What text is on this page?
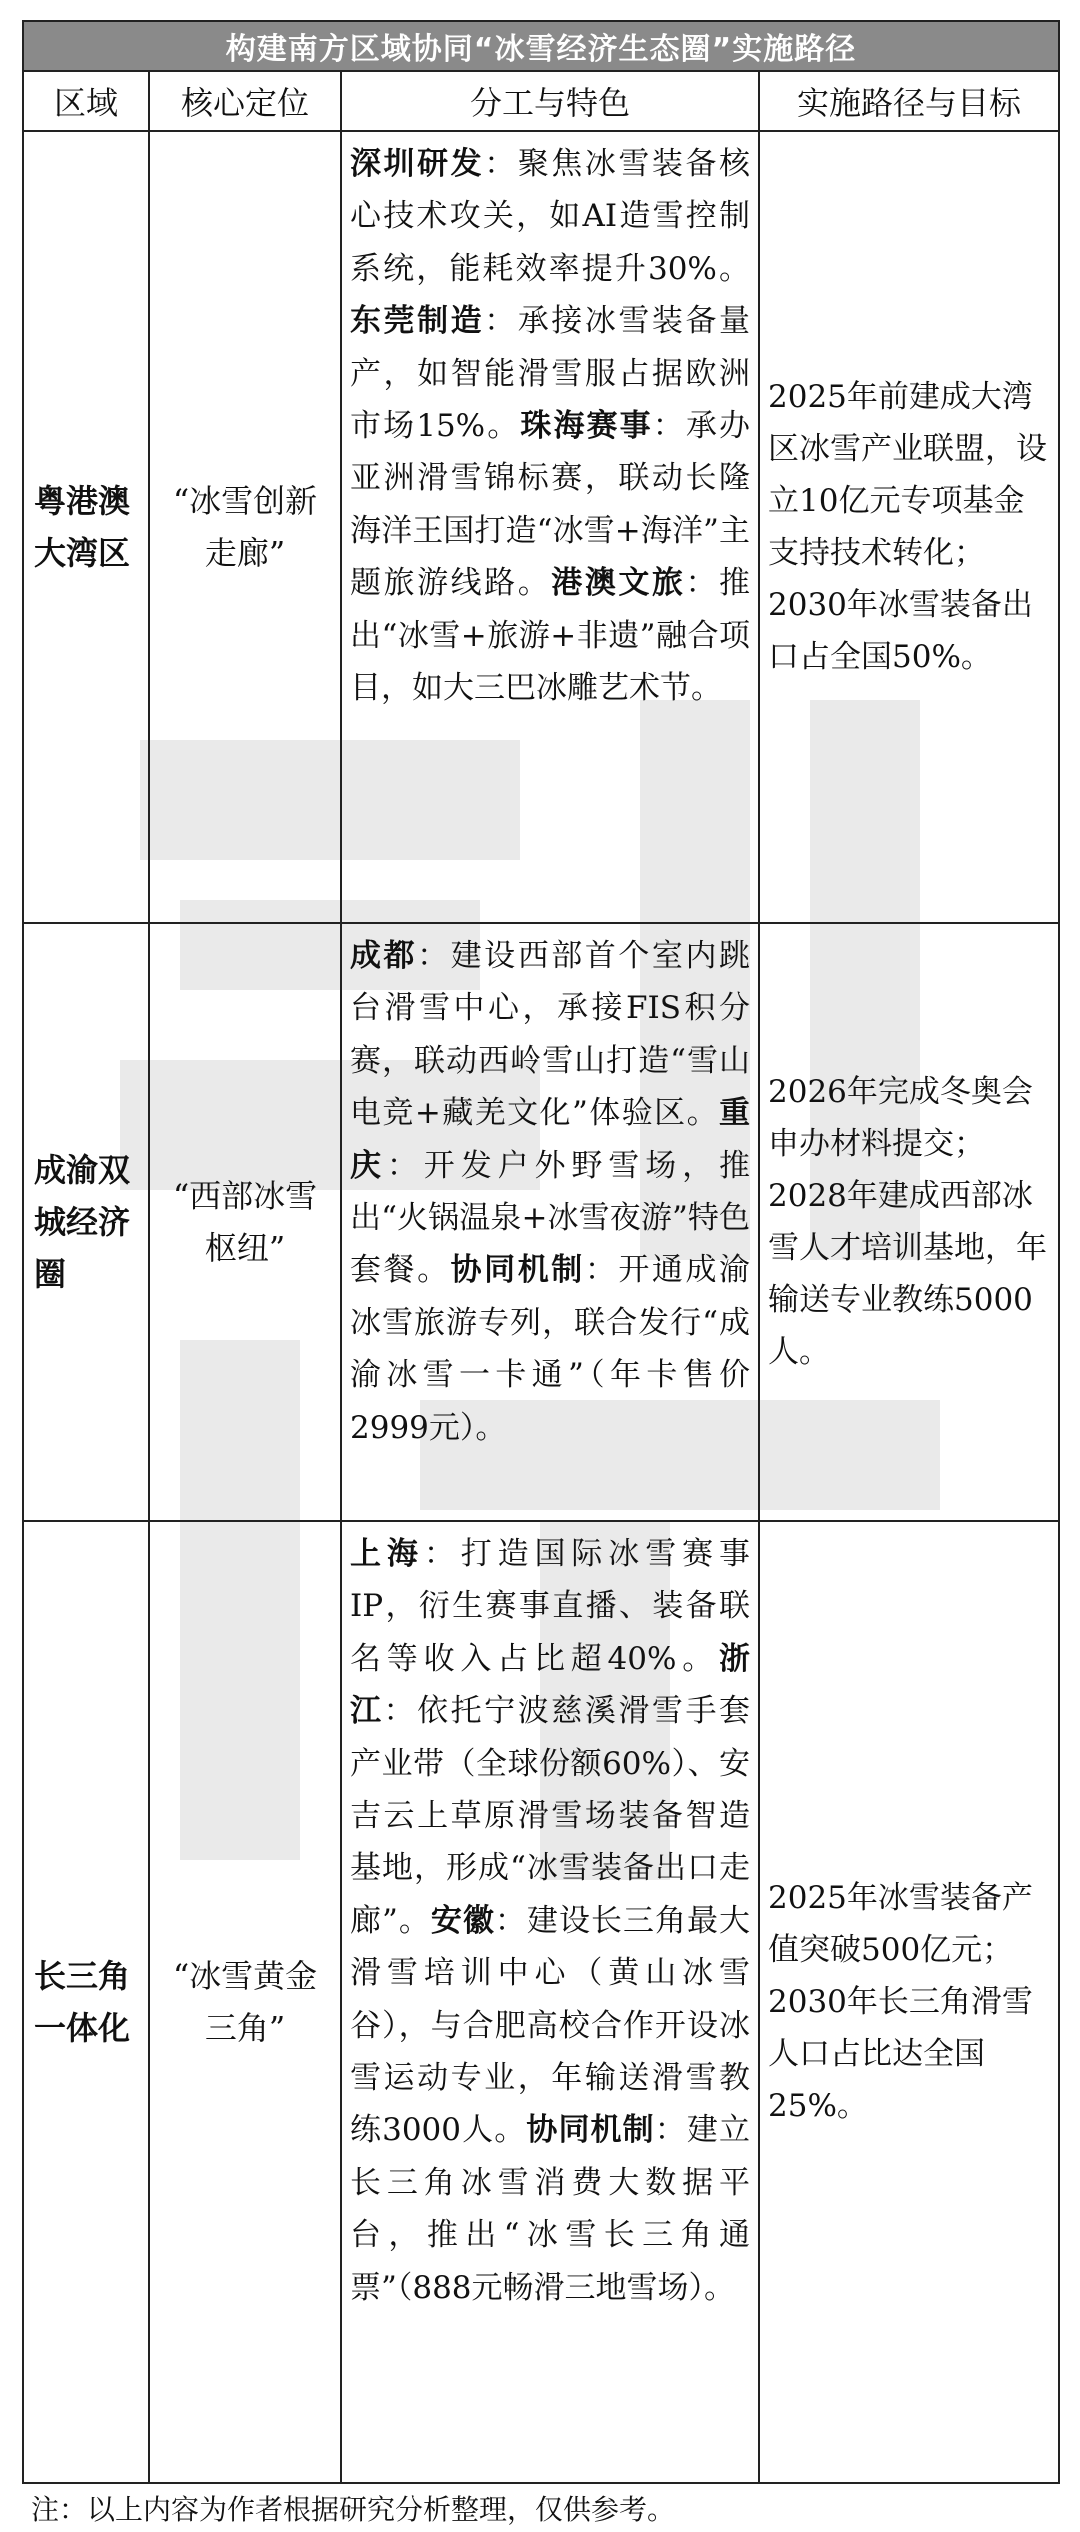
构建南方区域协同“冰雪经济生态圈”实施路径			
区域	核心定位	分工与特色	实施路径与目标
粤港澳大湾区	“冰雪创新走廊”	深圳研发：聚焦冰雪装备核心技术攻关，如AI造雪控制系统，能耗效率提升30%。东莞制造：承接冰雪装备量产，如智能滑雪服占据欧洲市场15%。珠海赛事：承办亚洲滑雪锦标赛，联动长隆海洋王国打造“冰雪+海洋”主题旅游线路。港澳文旅：推出“冰雪+旅游+非遗”融合项目，如大三巴冰雕艺术节。	2025年前建成大湾区冰雪产业联盟，设立10亿元专项基金支持技术转化；2030年冰雪装备出口占全国50%。
成渝双城经济圈	“西部冰雪枢纽”	成都：建设西部首个室内跳台滑雪中心，承接FIS积分赛，联动西岭雪山打造“雪山电竞+藏羌文化”体验区。重庆：开发户外野雪场，推出“火锅温泉+冰雪夜游”特色套餐。协同机制：开通成渝冰雪旅游专列，联合发行“成渝冰雪一卡通”（年卡售价2999元）。	2026年完成冬奥会申办材料提交；2028年建成西部冰雪人才培训基地，年输送专业教练5000人。
长三角一体化	“冰雪黄金三角”	上海：打造国际冰雪赛事IP，衍生赛事直播、装备联名等收入占比超40%。浙江：依托宁波慈溪滑雪手套产业带（全球份额60%）、安吉云上草原滑雪场装备智造基地，形成“冰雪装备出口走廊”。安徽：建设长三角最大滑雪培训中心（黄山冰雪谷），与合肥高校合作开设冰雪运动专业，年输送滑雪教练3000人。协同机制：建立长三角冰雪消费大数据平台，推出“冰雪长三角通票”（888元畅滑三地雪场）。	2025年冰雪装备产值突破500亿元；2030年长三角滑雪人口占比达全国25%。
注：以上内容为作者根据研究分析整理，仅供参考。			
